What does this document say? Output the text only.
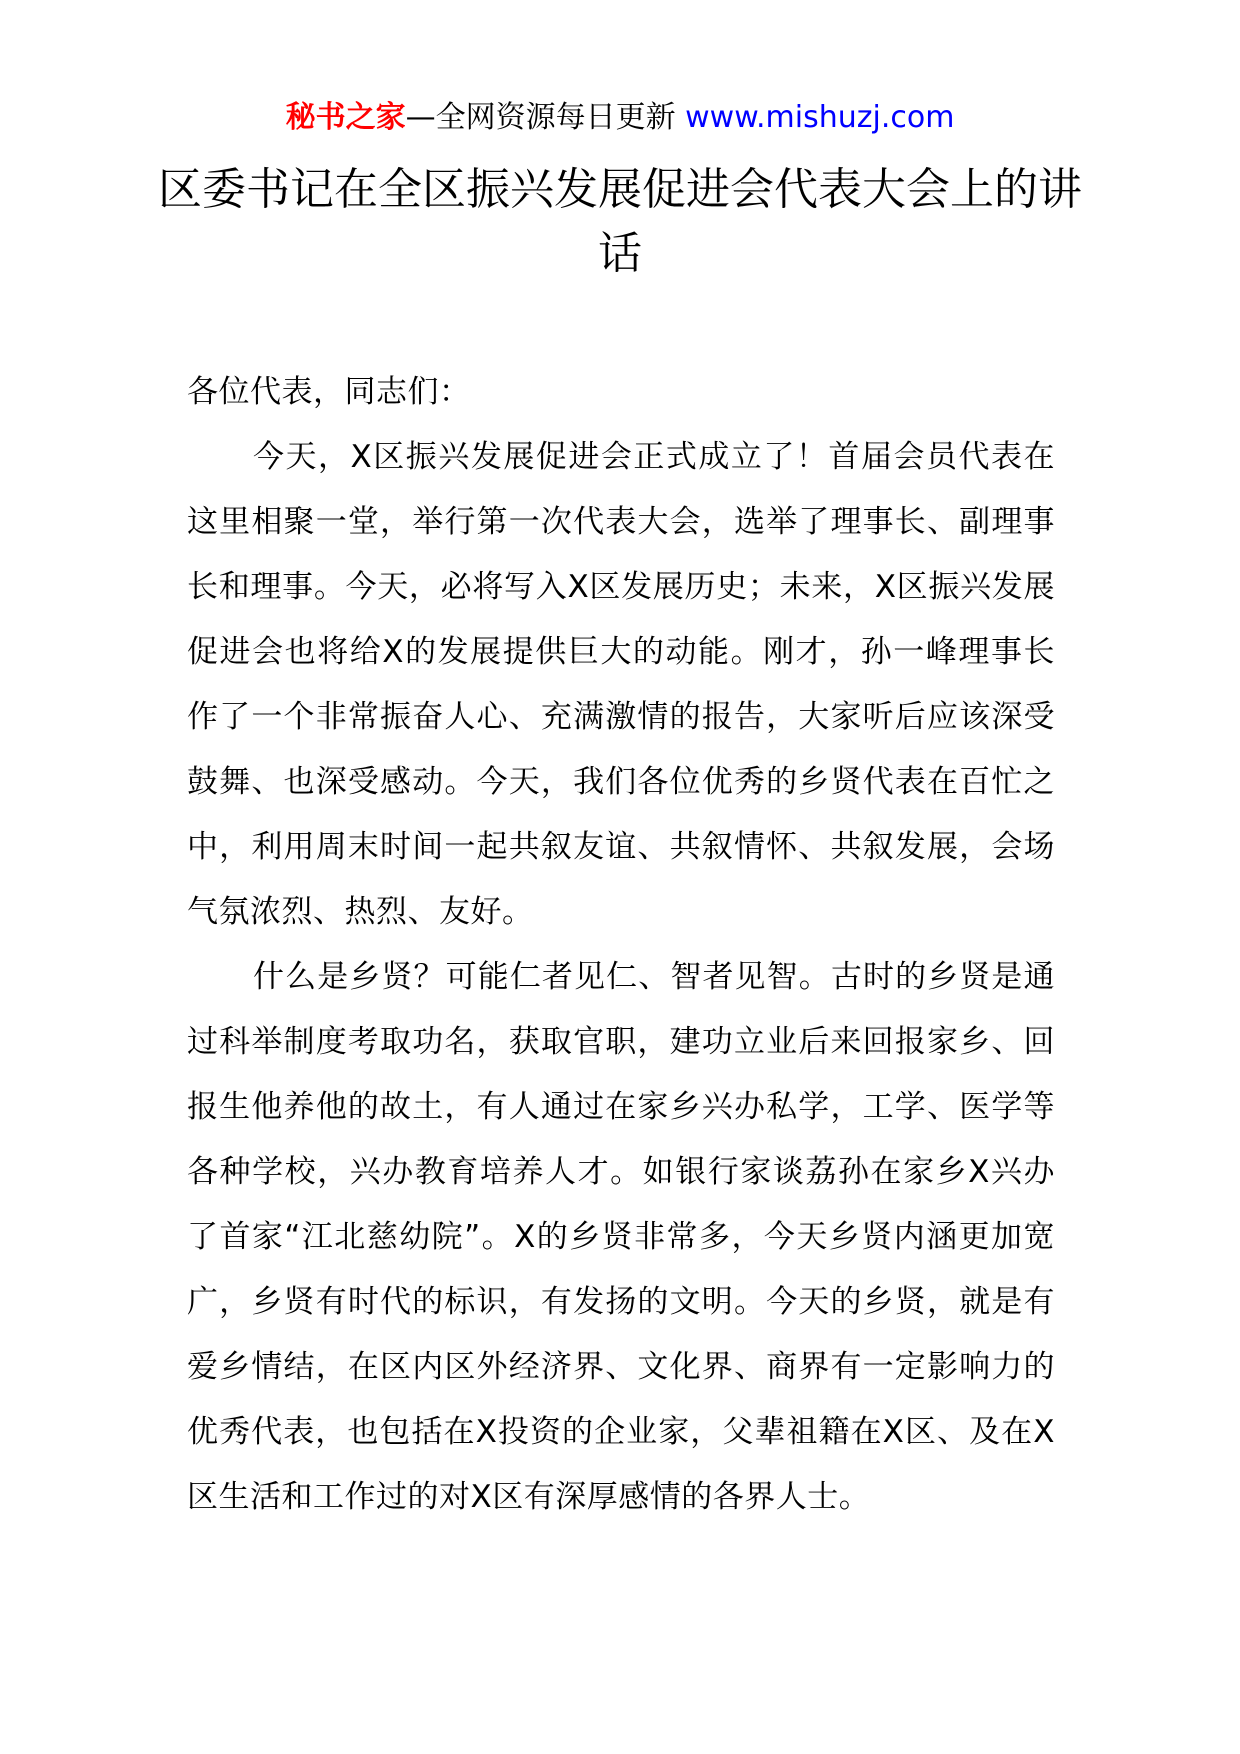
秘书之家—全网资源每日更新 www.mishuzj.com
区委书记在全区振兴发展促进会代表大会上的讲话

各位代表，同志们：

今天，X区振兴发展促进会正式成立了！首届会员代表在这里相聚一堂，举行第一次代表大会，选举了理事长、副理事长和理事。今天，必将写入X区发展历史；未来，X区振兴发展促进会也将给X的发展提供巨大的动能。刚才，孙一峰理事长作了一个非常振奋人心、充满激情的报告，大家听后应该深受鼓舞、也深受感动。今天，我们各位优秀的乡贤代表在百忙之中，利用周末时间一起共叙友谊、共叙情怀、共叙发展，会场气氛浓烈、热烈、友好。

什么是乡贤？可能仁者见仁、智者见智。古时的乡贤是通过科举制度考取功名，获取官职，建功立业后来回报家乡、回报生他养他的故土，有人通过在家乡兴办私学，工学、医学等各种学校，兴办教育培养人才。如银行家谈荔孙在家乡X兴办了首家“江北慈幼院”。X的乡贤非常多，今天乡贤内涵更加宽广，乡贤有时代的标识，有发扬的文明。今天的乡贤，就是有爱乡情结，在区内区外经济界、文化界、商界有一定影响力的优秀代表，也包括在X投资的企业家，父辈祖籍在X区、及在X区生活和工作过的对X区有深厚感情的各界人士。
